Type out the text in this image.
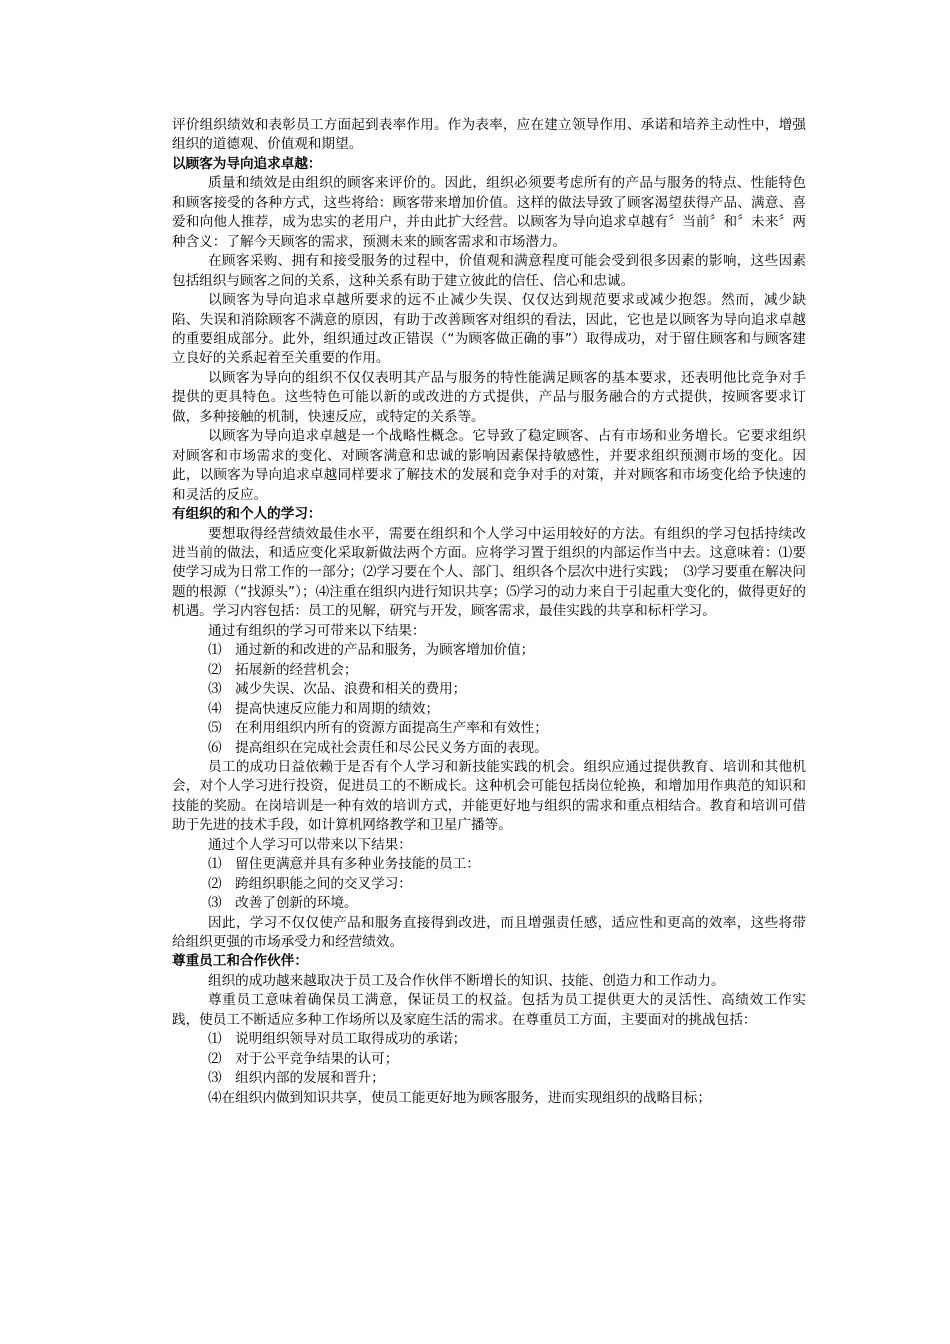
评价组织绩效和表彰员工方面起到表率作用。作为表率，应在建立领导作用、承诺和培养主动性中，增强组织的道德观、价值观和期望。

以顾客为导向追求卓越：

质量和绩效是由组织的顾客来评价的。因此，组织必须要考虑所有的产品与服务的特点、性能特色和顾客接受的各种方式，这些将给：顾客带来增加价值。这样的做法导致了顾客渴望获得产品、满意、喜爱和向他人推荐，成为忠实的老用户，并由此扩大经营。以顾客为导向追求卓越有〞当前〞和〞未来〞两种含义：了解今天顾客的需求，预测未来的顾客需求和市场潜力。

在顾客采购、拥有和接受服务的过程中，价值观和满意程度可能会受到很多因素的影响，这些因素包括组织与顾客之间的关系，这种关系有助于建立彼此的信任、信心和忠诚。

以顾客为导向追求卓越所要求的远不止减少失误、仅仅达到规范要求或减少抱怨。然而，减少缺陷、失误和消除顾客不满意的原因，有助于改善顾客对组织的看法，因此，它也是以顾客为导向追求卓越的重要组成部分。此外，组织通过改正错误（“为顾客做正确的事”）取得成功，对于留住顾客和与顾客建立良好的关系起着至关重要的作用。

以顾客为导向的组织不仅仅表明其产品与服务的特性能满足顾客的基本要求，还表明他比竞争对手提供的更具特色。这些特色可能以新的或改进的方式提供，产品与服务融合的方式提供，按顾客要求订做，多种接触的机制，快速反应，或特定的关系等。

以顾客为导向追求卓越是一个战略性概念。它导致了稳定顾客、占有市场和业务增长。它要求组织对顾客和市场需求的变化、对顾客满意和忠诚的影响因素保持敏感性，并要求组织预测市场的变化。因此，以顾客为导向追求卓越同样要求了解技术的发展和竞争对手的对策，并对顾客和市场变化给予快速的和灵活的反应。

有组织的和个人的学习：

要想取得经营绩效最佳水平，需要在组织和个人学习中运用较好的方法。有组织的学习包括持续改进当前的做法，和适应变化采取新做法两个方面。应将学习置于组织的内部运作当中去。这意味着：⑴要使学习成为日常工作的一部分；⑵学习要在个人、部门、组织各个层次中进行实践；　⑶学习要重在解决问题的根源（“找源头”）；⑷注重在组织内进行知识共享；⑸学习的动力来自于引起重大变化的，做得更好的机遇。学习内容包括：员工的见解，研究与开发，顾客需求，最佳实践的共享和标杆学习。

通过有组织的学习可带来以下结果：

⑴　通过新的和改进的产品和服务，为顾客增加价值；

⑵　拓展新的经营机会；

⑶　减少失误、次品、浪费和相关的费用；

⑷　提高快速反应能力和周期的绩效；

⑸　在利用组织内所有的资源方面提高生产率和有效性；

⑹　提高组织在完成社会责任和尽公民义务方面的表现。

员工的成功日益依赖于是否有个人学习和新技能实践的机会。组织应通过提供教育、培训和其他机会，对个人学习进行投资，促进员工的不断成长。这种机会可能包括岗位轮换，和增加用作典范的知识和技能的奖励。在岗培训是一种有效的培训方式，并能更好地与组织的需求和重点相结合。教育和培训可借助于先进的技术手段，如计算机网络教学和卫星广播等。

通过个人学习可以带来以下结果：

⑴　留住更满意并具有多种业务技能的员工：

⑵　跨组织职能之间的交叉学习：

⑶　改善了创新的环境。

因此，学习不仅仅使产品和服务直接得到改进，而且增强责任感，适应性和更高的效率，这些将带给组织更强的市场承受力和经营绩效。

尊重员工和合作伙伴：

组织的成功越来越取决于员工及合作伙伴不断增长的知识、技能、创造力和工作动力。

尊重员工意味着确保员工满意，保证员工的权益。包括为员工提供更大的灵活性、高绩效工作实践，使员工不断适应多种工作场所以及家庭生活的需求。在尊重员工方面，主要面对的挑战包括：

⑴　说明组织领导对员工取得成功的承诺；

⑵　对于公平竞争结果的认可；

⑶　组织内部的发展和晋升；

⑷在组织内做到知识共享，使员工能更好地为顾客服务，进而实现组织的战略目标；
